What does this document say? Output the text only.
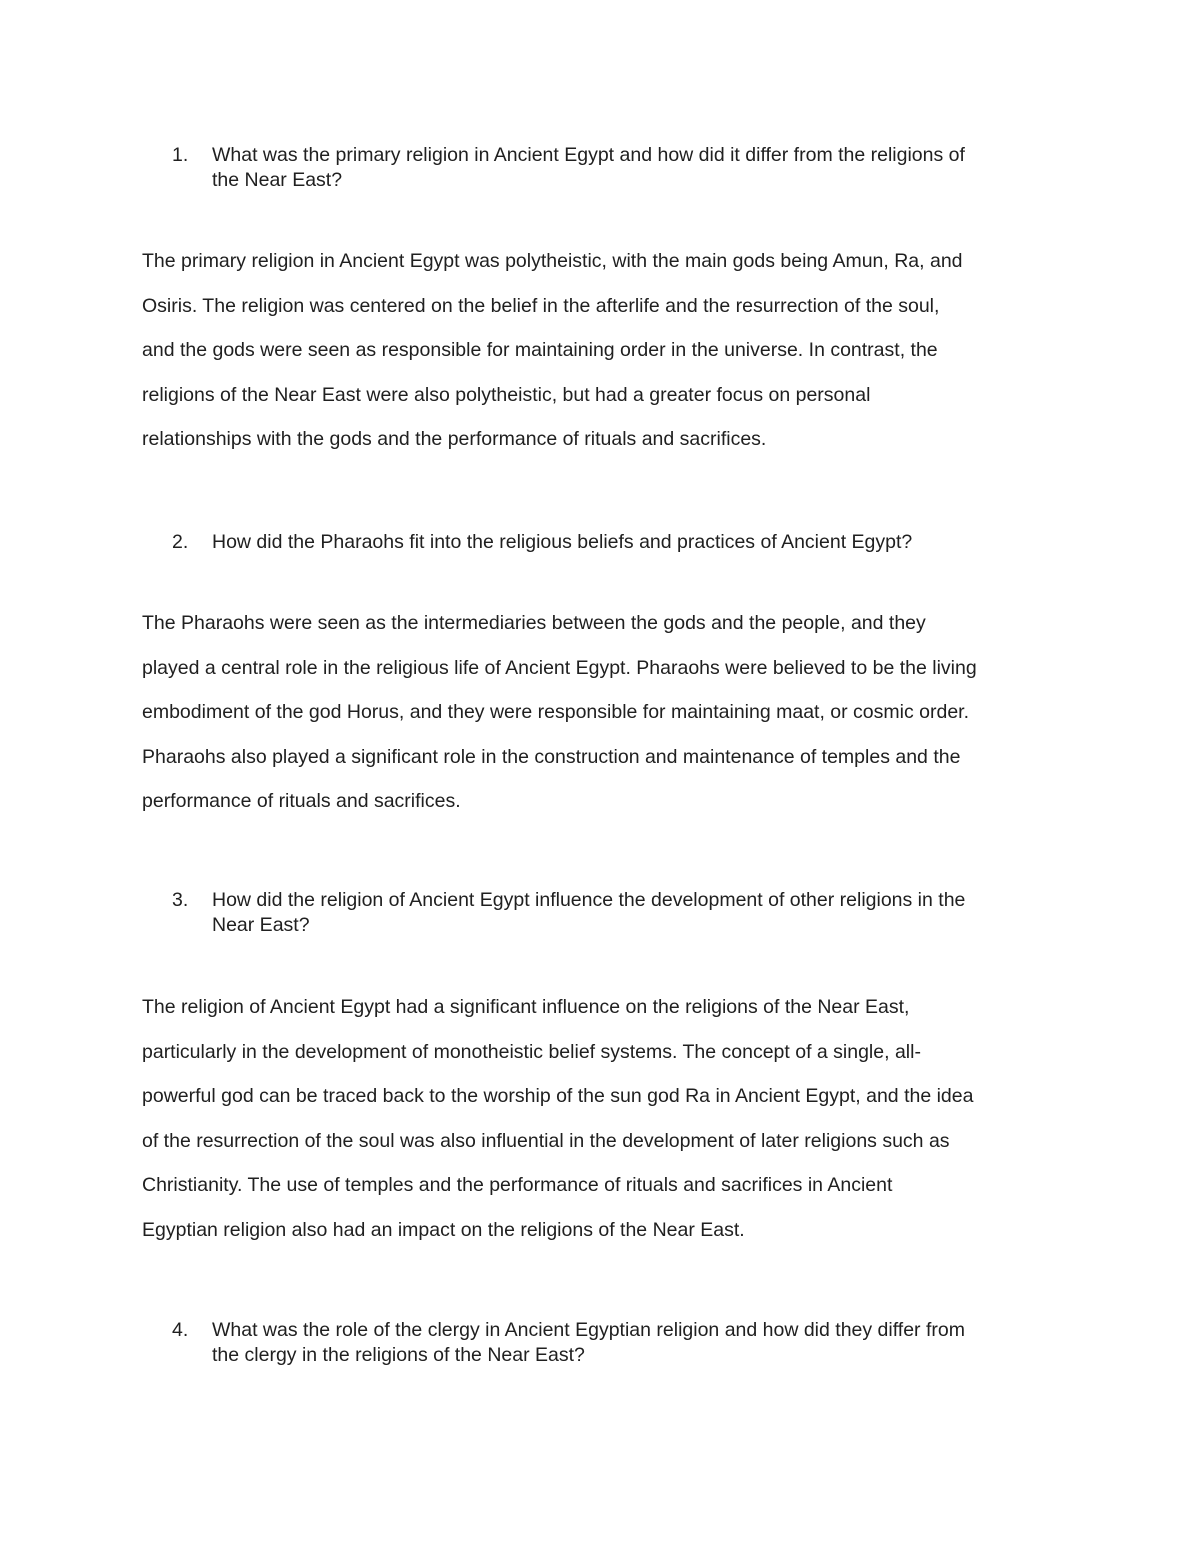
1.	What was the primary religion in Ancient Egypt and how did it differ from the religions of
the Near East?
The primary religion in Ancient Egypt was polytheistic, with the main gods being Amun, Ra, and
Osiris. The religion was centered on the belief in the afterlife and the resurrection of the soul,
and the gods were seen as responsible for maintaining order in the universe. In contrast, the
religions of the Near East were also polytheistic, but had a greater focus on personal
relationships with the gods and the performance of rituals and sacrifices.
2.	How did the Pharaohs fit into the religious beliefs and practices of Ancient Egypt?
The Pharaohs were seen as the intermediaries between the gods and the people, and they
played a central role in the religious life of Ancient Egypt. Pharaohs were believed to be the living
embodiment of the god Horus, and they were responsible for maintaining maat, or cosmic order.
Pharaohs also played a significant role in the construction and maintenance of temples and the
performance of rituals and sacrifices.
3.	How did the religion of Ancient Egypt influence the development of other religions in the
Near East?
The religion of Ancient Egypt had a significant influence on the religions of the Near East,
particularly in the development of monotheistic belief systems. The concept of a single, all-
powerful god can be traced back to the worship of the sun god Ra in Ancient Egypt, and the idea
of the resurrection of the soul was also influential in the development of later religions such as
Christianity. The use of temples and the performance of rituals and sacrifices in Ancient
Egyptian religion also had an impact on the religions of the Near East.
4.	What was the role of the clergy in Ancient Egyptian religion and how did they differ from
the clergy in the religions of the Near East?
